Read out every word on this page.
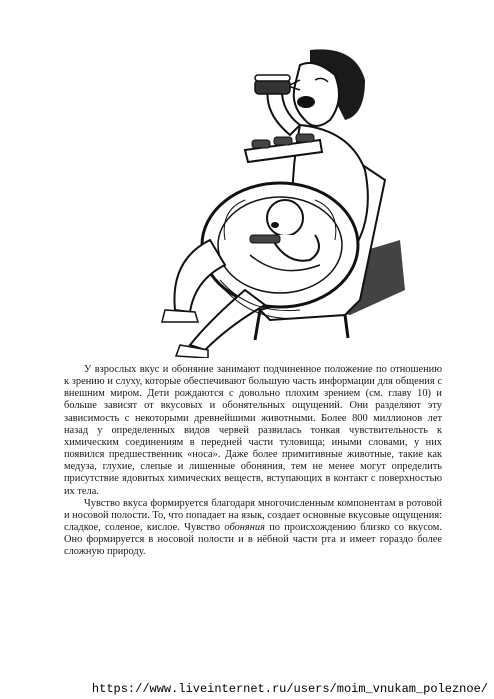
У взрослых вкус и обоняние занимают подчиненное положение по отношению к зрению и слуху, которые обеспечивают большую часть информации для общения с внешним миром. Дети рождаются с довольно плохим зрением (см. главу 10) и больше зависят от вкусовых и обонятельных ощущений. Они разделяют эту зависимость с некоторыми древнейшими животными. Более 800 миллионов лет назад у определенных видов червей развилась тонкая чувствительность к химическим соединениям в передней части туловища; иными словами, у них появился предшественник «носа». Даже более примитивные животные, такие как медуза, глухие, слепые и лишенные обоняния, тем не менее могут определить присутствие ядовитых химических веществ, вступающих в контакт с поверхностью их тела.

Чувство вкуса формируется благодаря многочисленным компонентам в ротовой и носовой полости. То, что попадает на язык, создает основные вкусовые ощущения: сладкое, соленое, кислое. Чувство обоняния по происхождению близко со вкусом. Оно формируется в носовой полости и в нёбной части рта и имеет гораздо более сложную природу.

https://www.liveinternet.ru/users/moim_vnukam_poleznoe/
